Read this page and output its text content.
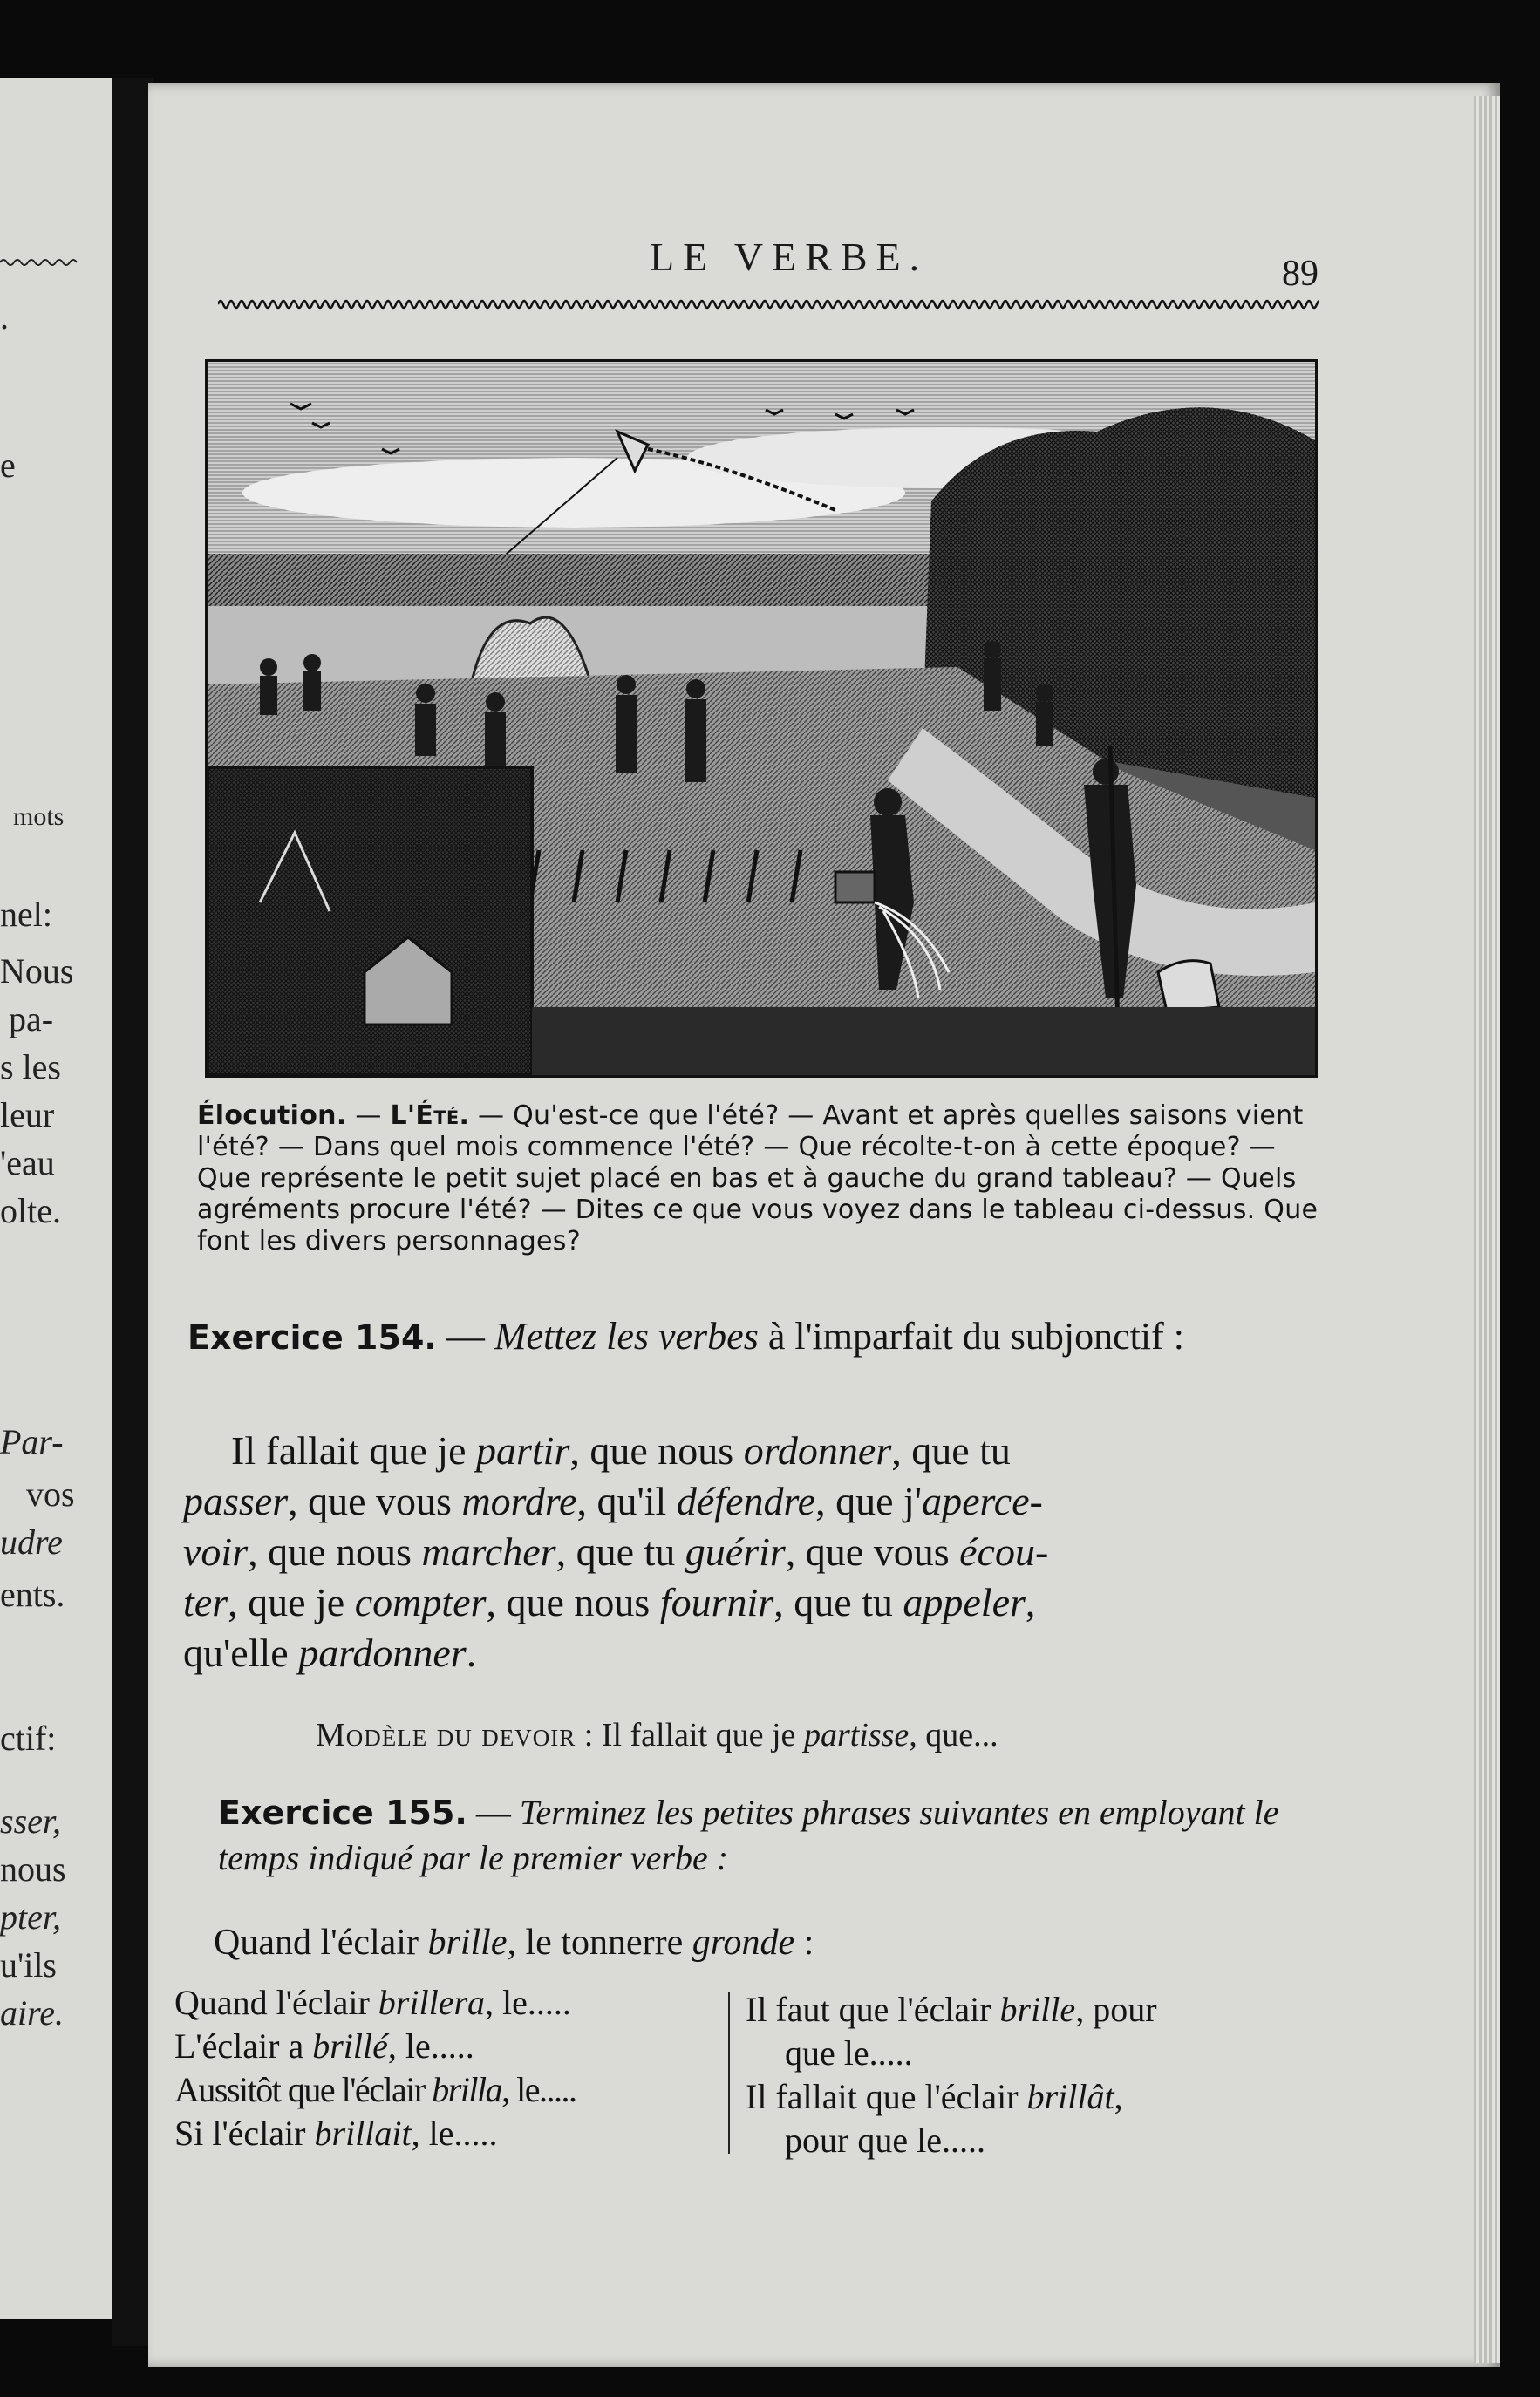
.
e
mots
nel:
Nous
pa-
s les
leur
'eau
olte.
Par-
vos
udre
ents.
ctif:
sser,
nous
pter,
u'ils
aire.
LE VERBE.	89
Élocution. — L'Été. — Qu'est-ce que l'été? — Avant et après quelles saisons vient l'été? — Dans quel mois commence l'été? — Que récolte-t-on à cette époque? — Que représente le petit sujet placé en bas et à gauche du grand tableau? — Quels agréments procure l'été? — Dites ce que vous voyez dans le tableau ci-dessus. Que font les divers personnages?
Exercice 154. — Mettez les verbes à l'imparfait du subjonctif :
Il fallait que je partir, que nous ordonner, que tu
passer, que vous mordre, qu'il défendre, que j'aperce-
voir, que nous marcher, que tu guérir, que vous écou-
ter, que je compter, que nous fournir, que tu appeler,
qu'elle pardonner.
Modèle du devoir : Il fallait que je partisse, que...
Exercice 155. — Terminez les petites phrases suivantes en employant le temps indiqué par le premier verbe :
Quand l'éclair brille, le tonnerre gronde :
Quand l'éclair brillera, le.....
L'éclair a brillé, le.....
Aussitôt que l'éclair brilla, le.....
Si l'éclair brillait, le.....
Il faut que l'éclair brille, pour
que le.....
Il fallait que l'éclair brillât,
pour que le.....
